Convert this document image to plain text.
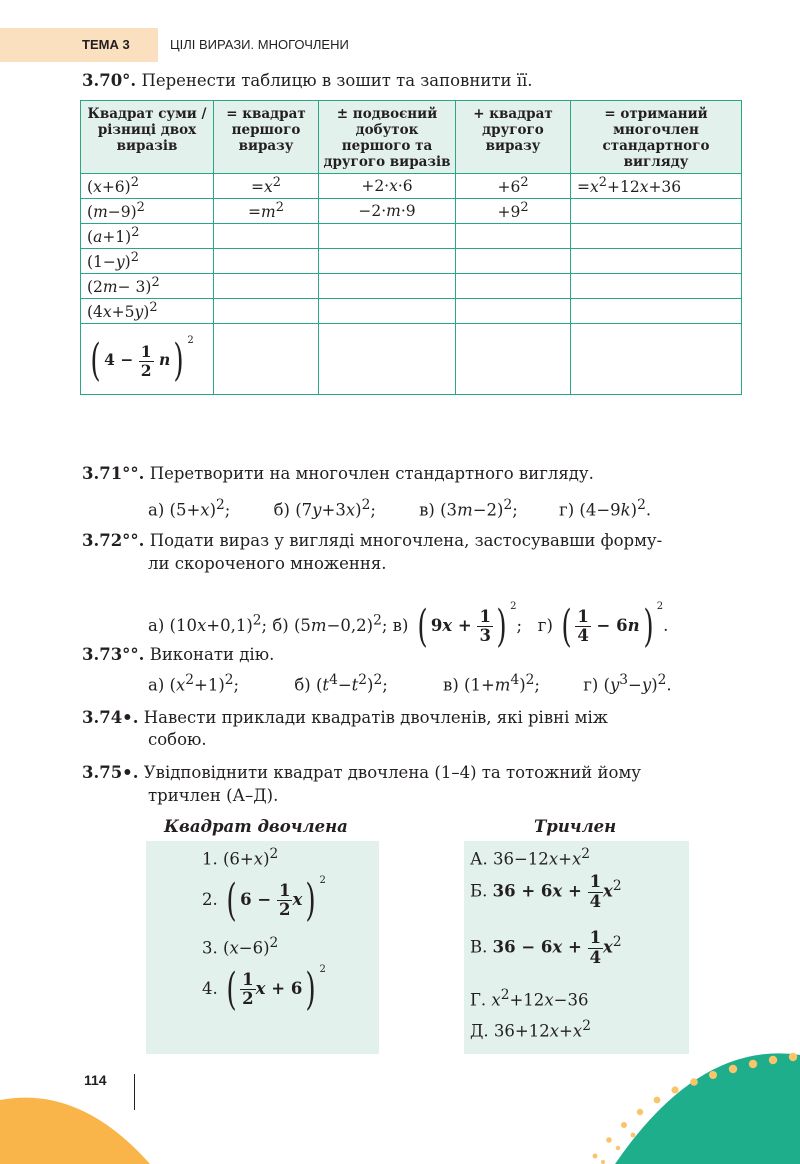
ТЕМА 3	ЦІЛІ ВИРАЗИ. МНОГОЧЛЕНИ
3.70°. Перенести таблицю в зошит та заповнити її.
Квадрат суми / різниці двох виразів	= квадрат першого виразу	± подвоєний добуток першого та другого виразів	+ квадрат другого виразу	= отриманий многочлен стандартного вигляду
$(x+6)^2$	$=x^2$	+2·x·6	$+6^2$	$=x^2+12x+36$
$(m-9)^2$	$=m^2$	−2·m·9	$+9^2$	
$(a+1)^2$				
$(1-y)^2$				
$(2m- 3)^2$				
$(4x+5y)^2$				
( $4 - \frac{1}{2} n$) $^2$				
3.71°°. Перетворити на многочлен стандартного вигляду.
а) $(5+x)^2$; б) $(7y+3x)^2$; в) $(3m-2)^2$; г) $(4-9k)^2$.
3.72°°. Подати вираз у вигляді многочлена, застосувавши форму-
ли скороченого множення.
а) $(10x+0,1)^2$; б) $(5m-0,2)^2$; в) ( $9x + \frac{1}{3}$ ) $^2$;   г) ( $\frac{1}{4} - 6n$) $^2$.
3.73°°. Виконати дію.
а) $(x^2+1)^2$;	б) $(t^4-t^2)^2$;	в) $(1+m^4)^2$; г) $(y^3-y)^2$.
3.74•. Навести приклади квадратів двочленів, які рівні між
собою.
3.75•. Увідповіднити квадрат двочлена (1–4) та тотожний йому
тричлен (А–Д).
Квадрат двочлена	Тричлен
1. $(6+x)^2$
2. ( $6 - \frac{1}{2} x$) $^2$
3. $(x-6)^2$
4. ( $\frac{1}{2}$ x + 6) $^2$
А. $36-12x+x^2$
Б. $36 + 6x + \frac{1}{4} x^2$
В. $36 - 6x + \frac{1}{4} x^2$
Г. $x^2+12x-36$
Д. $36+12x+x^2$
114
